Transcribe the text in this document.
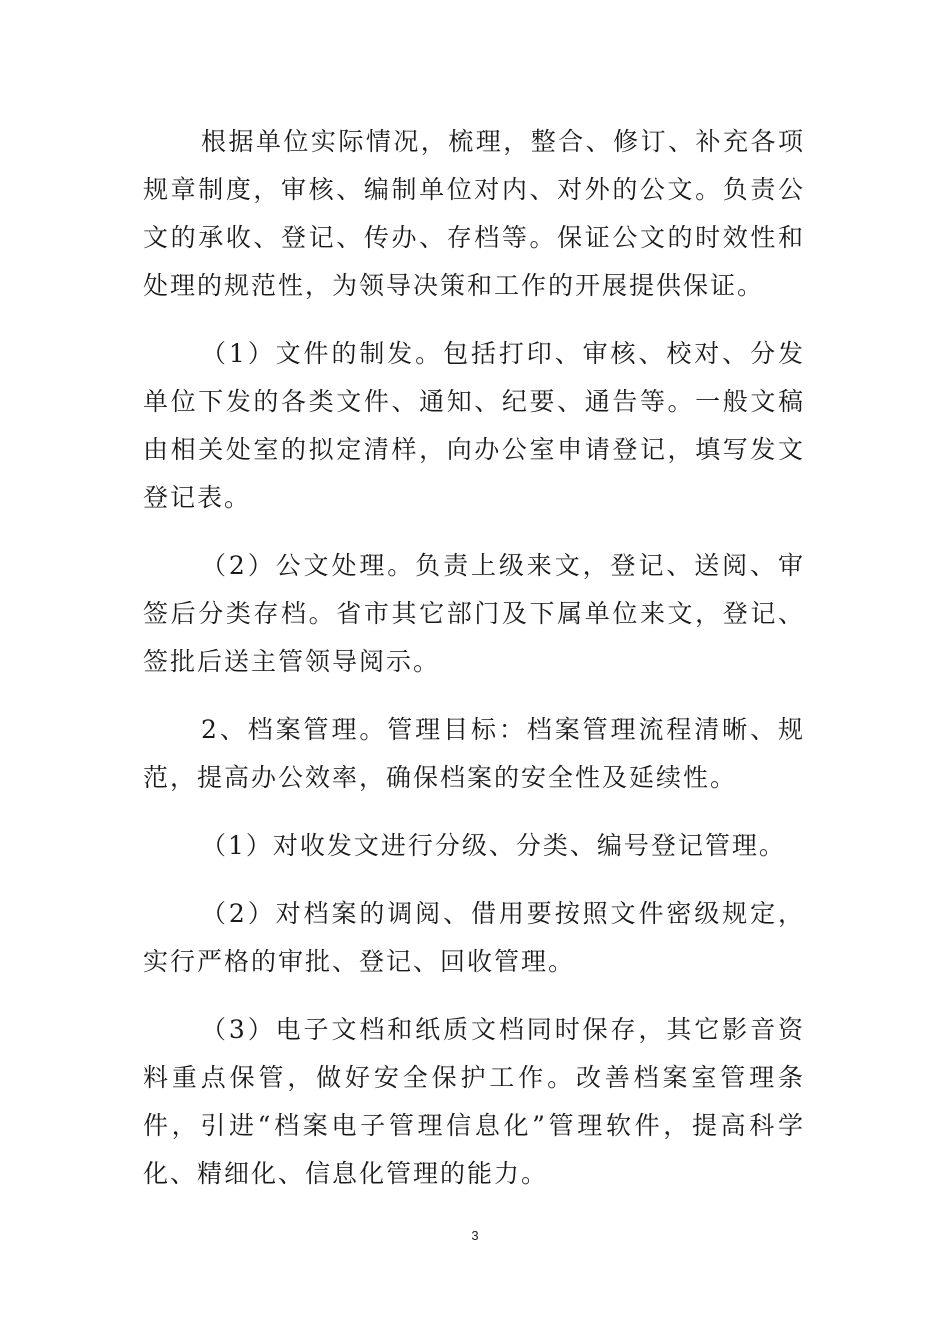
根据单位实际情况，梳理，整合、修订、补充各项规章制度，审核、编制单位对内、对外的公文。负责公文的承收、登记、传办、存档等。保证公文的时效性和处理的规范性，为领导决策和工作的开展提供保证。

（1）文件的制发。包括打印、审核、校对、分发单位下发的各类文件、通知、纪要、通告等。一般文稿由相关处室的拟定清样，向办公室申请登记，填写发文登记表。

（2）公文处理。负责上级来文，登记、送阅、审签后分类存档。省市其它部门及下属单位来文，登记、签批后送主管领导阅示。

2、档案管理。管理目标：档案管理流程清晰、规范，提高办公效率，确保档案的安全性及延续性。

（1）对收发文进行分级、分类、编号登记管理。

（2）对档案的调阅、借用要按照文件密级规定，实行严格的审批、登记、回收管理。

（3）电子文档和纸质文档同时保存，其它影音资料重点保管，做好安全保护工作。改善档案室管理条件，引进“档案电子管理信息化”管理软件，提高科学化、精细化、信息化管理的能力。

3
